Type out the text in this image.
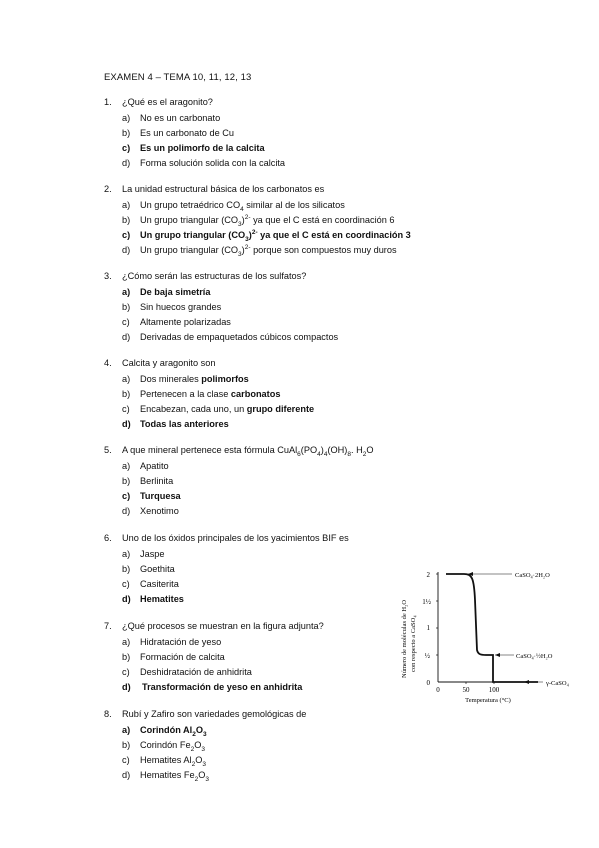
EXAMEN 4 – TEMA 10, 11, 12, 13
1. ¿Qué es el aragonito?
a) No es un carbonato
b) Es un carbonato de Cu
c) Es un polimorfo de la calcita
d) Forma solución solida con la calcita
2. La unidad estructural básica de los carbonatos es
a) Un grupo tetraédrico $CO_4$ similar al de los silicatos
b) Un grupo triangular $(CO_3)^{2-}$ ya que el C está en coordinación 6
c) Un grupo triangular $(CO_3)^{2-}$ ya que el C está en coordinación 3
d) Un grupo triangular $(CO_3)^{2-}$ porque son compuestos muy duros
3. ¿Cómo serán las estructuras de los sulfatos?
a) De baja simetría
b) Sin huecos grandes
c) Altamente polarizadas
d) Derivadas de empaquetados cúbicos compactos
4. Calcita y aragonito son
a) Dos minerales polimorfos
b) Pertenecen a la clase carbonatos
c) Encabezan, cada uno, un grupo diferente
d) Todas las anteriores
5. A que mineral pertenece esta fórmula $CuAl_6(PO_4)_4(OH)_8$. $H_2O$
a) Apatito
b) Berlinita
c) Turquesa
d) Xenotimo
6. Uno de los óxidos principales de los yacimientos BIF es
a) Jaspe
b) Goethita
c) Casiterita
d) Hematites
7. ¿Qué procesos se muestran en la figura adjunta?
a) Hidratación de yeso
b) Formación de calcita
c) Deshidratación de anhidrita
d) Transformación de yeso en anhidrita
8. Rubí y Zafiro son variedades gemológicas de
a) Corindón $Al_2O_3$
b) Corindón $Fe_2O_3$
c) Hematites $Al_2O_3$
d) Hematites $Fe_2O_3$
Número de moléculas de H₂O con respecto a CaSO₄
2
1½
1
½
0
0	50	100
Temperatura (°C)
CaSO₄·2H₂O
CaSO₄·½H₂O
γ-CaSO₄
